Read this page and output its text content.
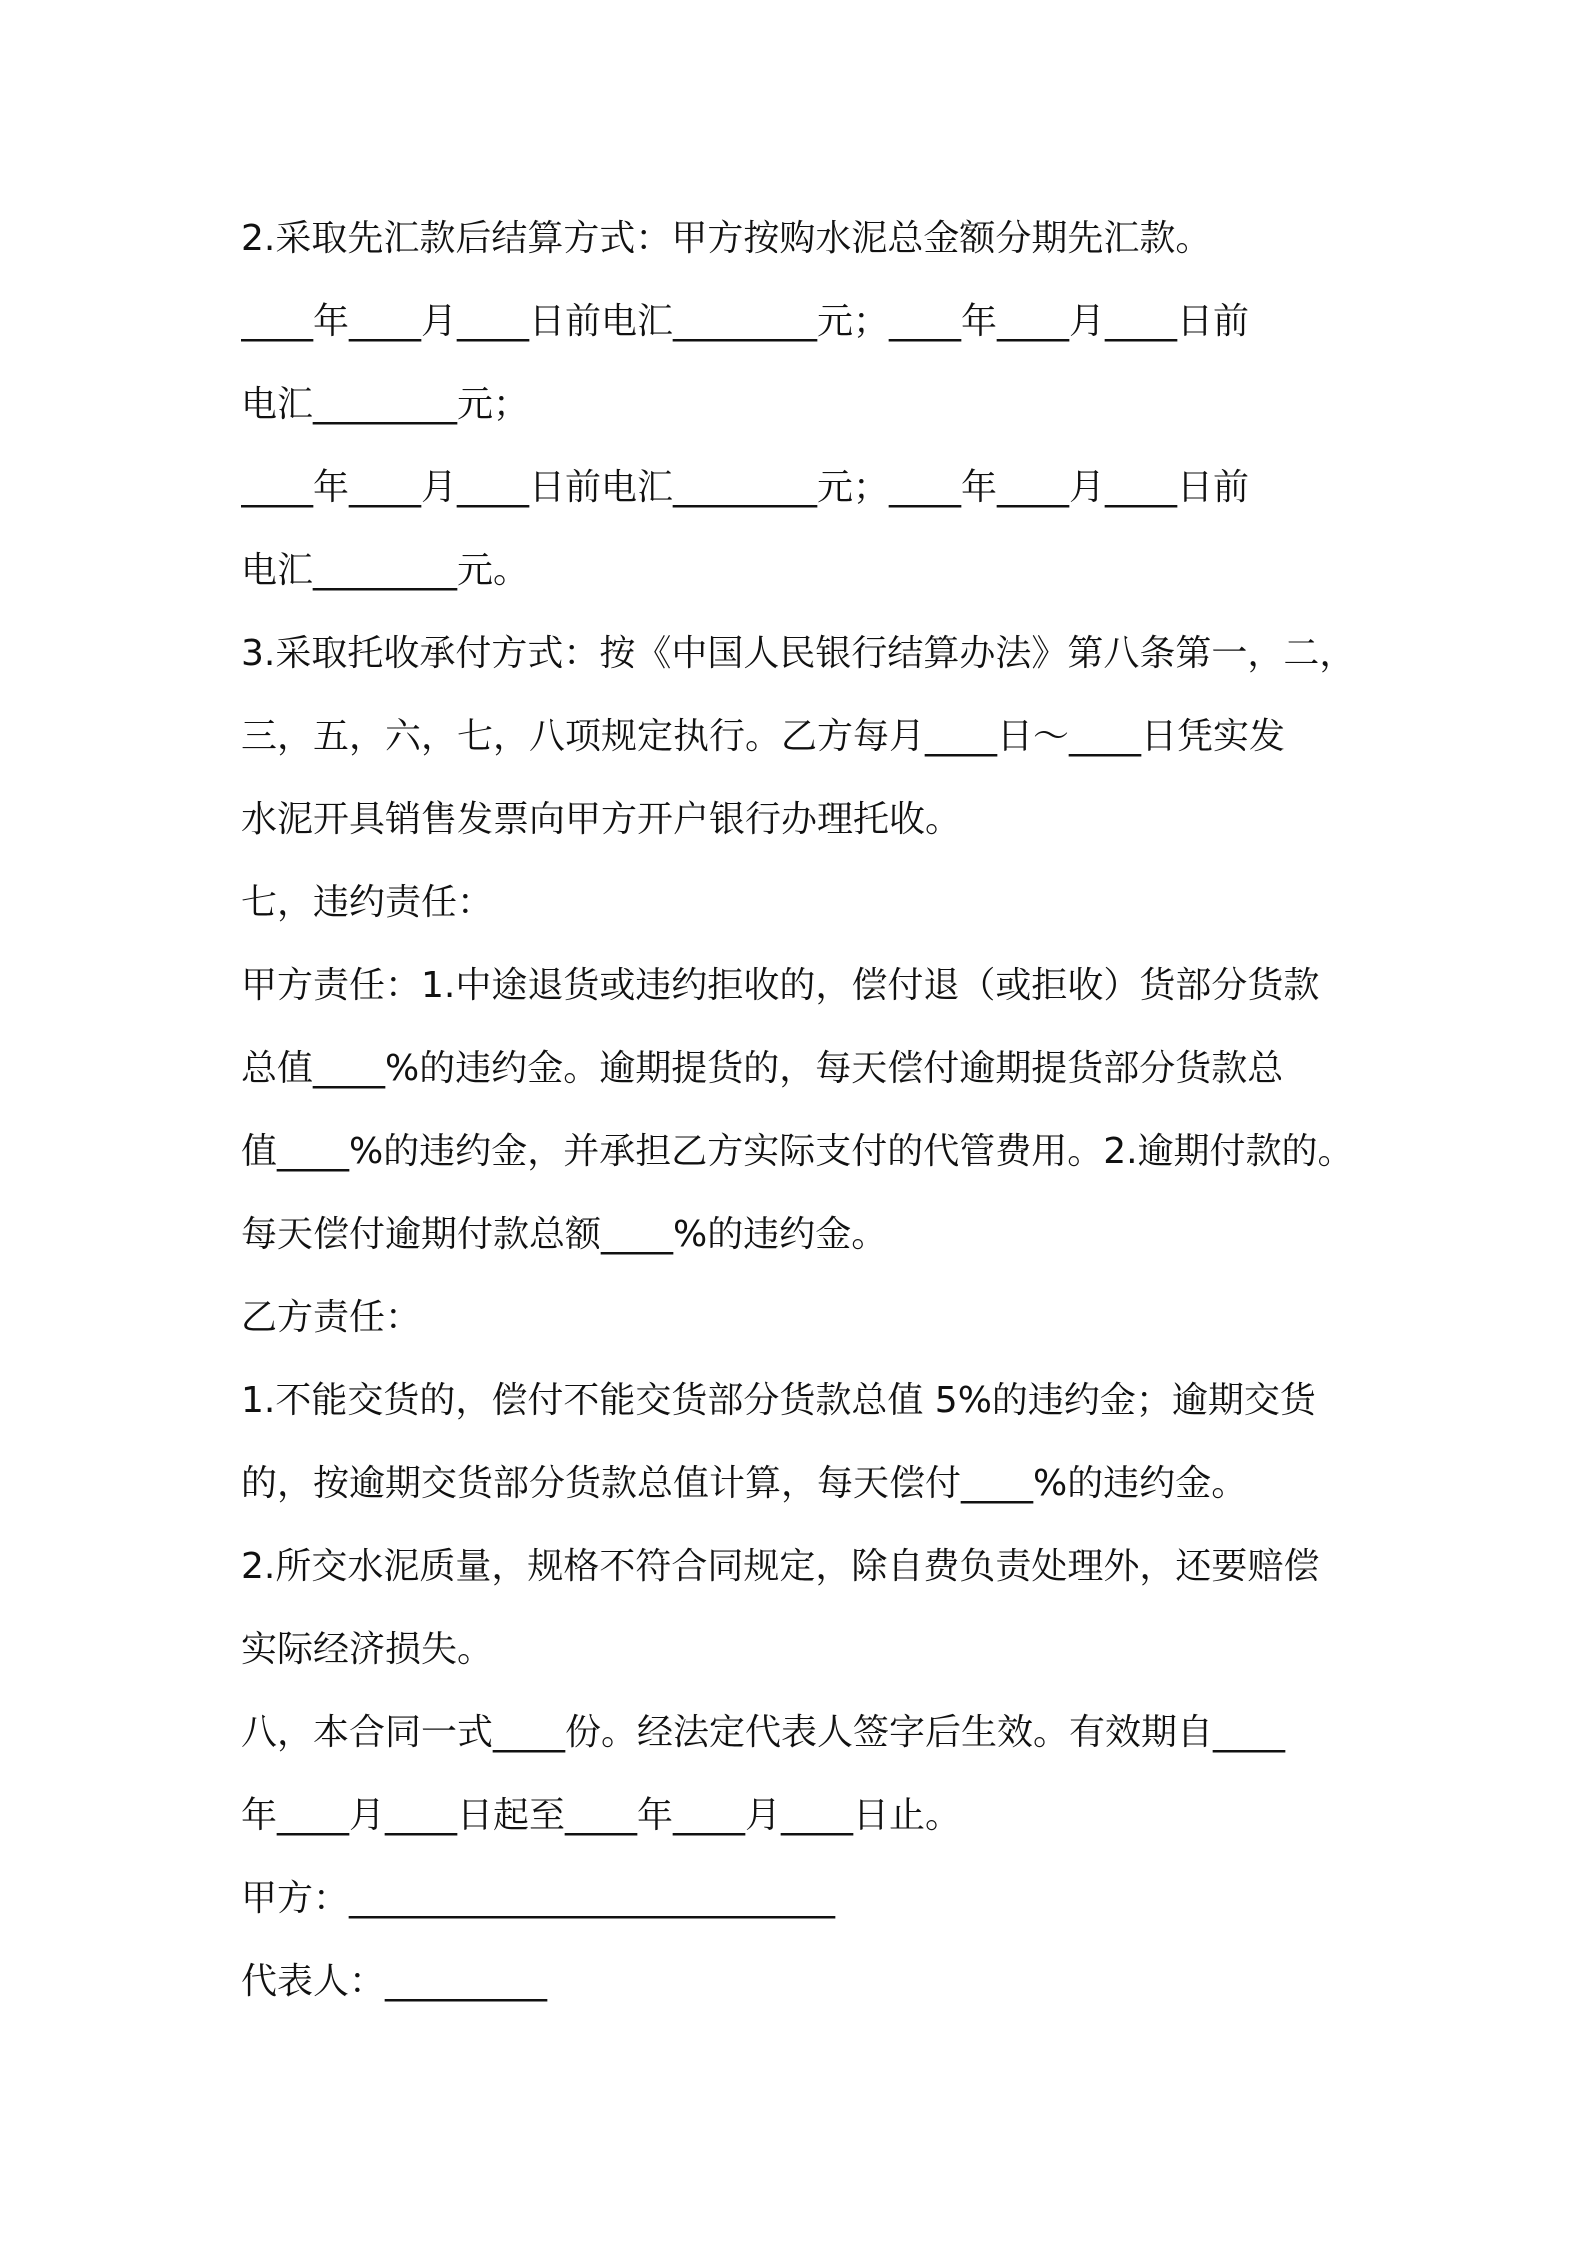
2.采取先汇款后结算方式：甲方按购水泥总金额分期先汇款。
____年____月____日前电汇________元；____年____月____日前
电汇________元；
____年____月____日前电汇________元；____年____月____日前
电汇________元。
3.采取托收承付方式：按《中国人民银行结算办法》第八条第一，二，
三，五，六，七，八项规定执行。乙方每月____日～____日凭实发
水泥开具销售发票向甲方开户银行办理托收。
七，违约责任：
甲方责任：1.中途退货或违约拒收的，偿付退（或拒收）货部分货款
总值____%的违约金。逾期提货的，每天偿付逾期提货部分货款总
值____%的违约金，并承担乙方实际支付的代管费用。2.逾期付款的。
每天偿付逾期付款总额____%的违约金。
乙方责任：
1.不能交货的，偿付不能交货部分货款总值 5%的违约金；逾期交货
的，按逾期交货部分货款总值计算，每天偿付____%的违约金。
2.所交水泥质量，规格不符合同规定，除自费负责处理外，还要赔偿
实际经济损失。
八，本合同一式____份。经法定代表人签字后生效。有效期自____
年____月____日起至____年____月____日止。
甲方：___________________________
代表人：_________
